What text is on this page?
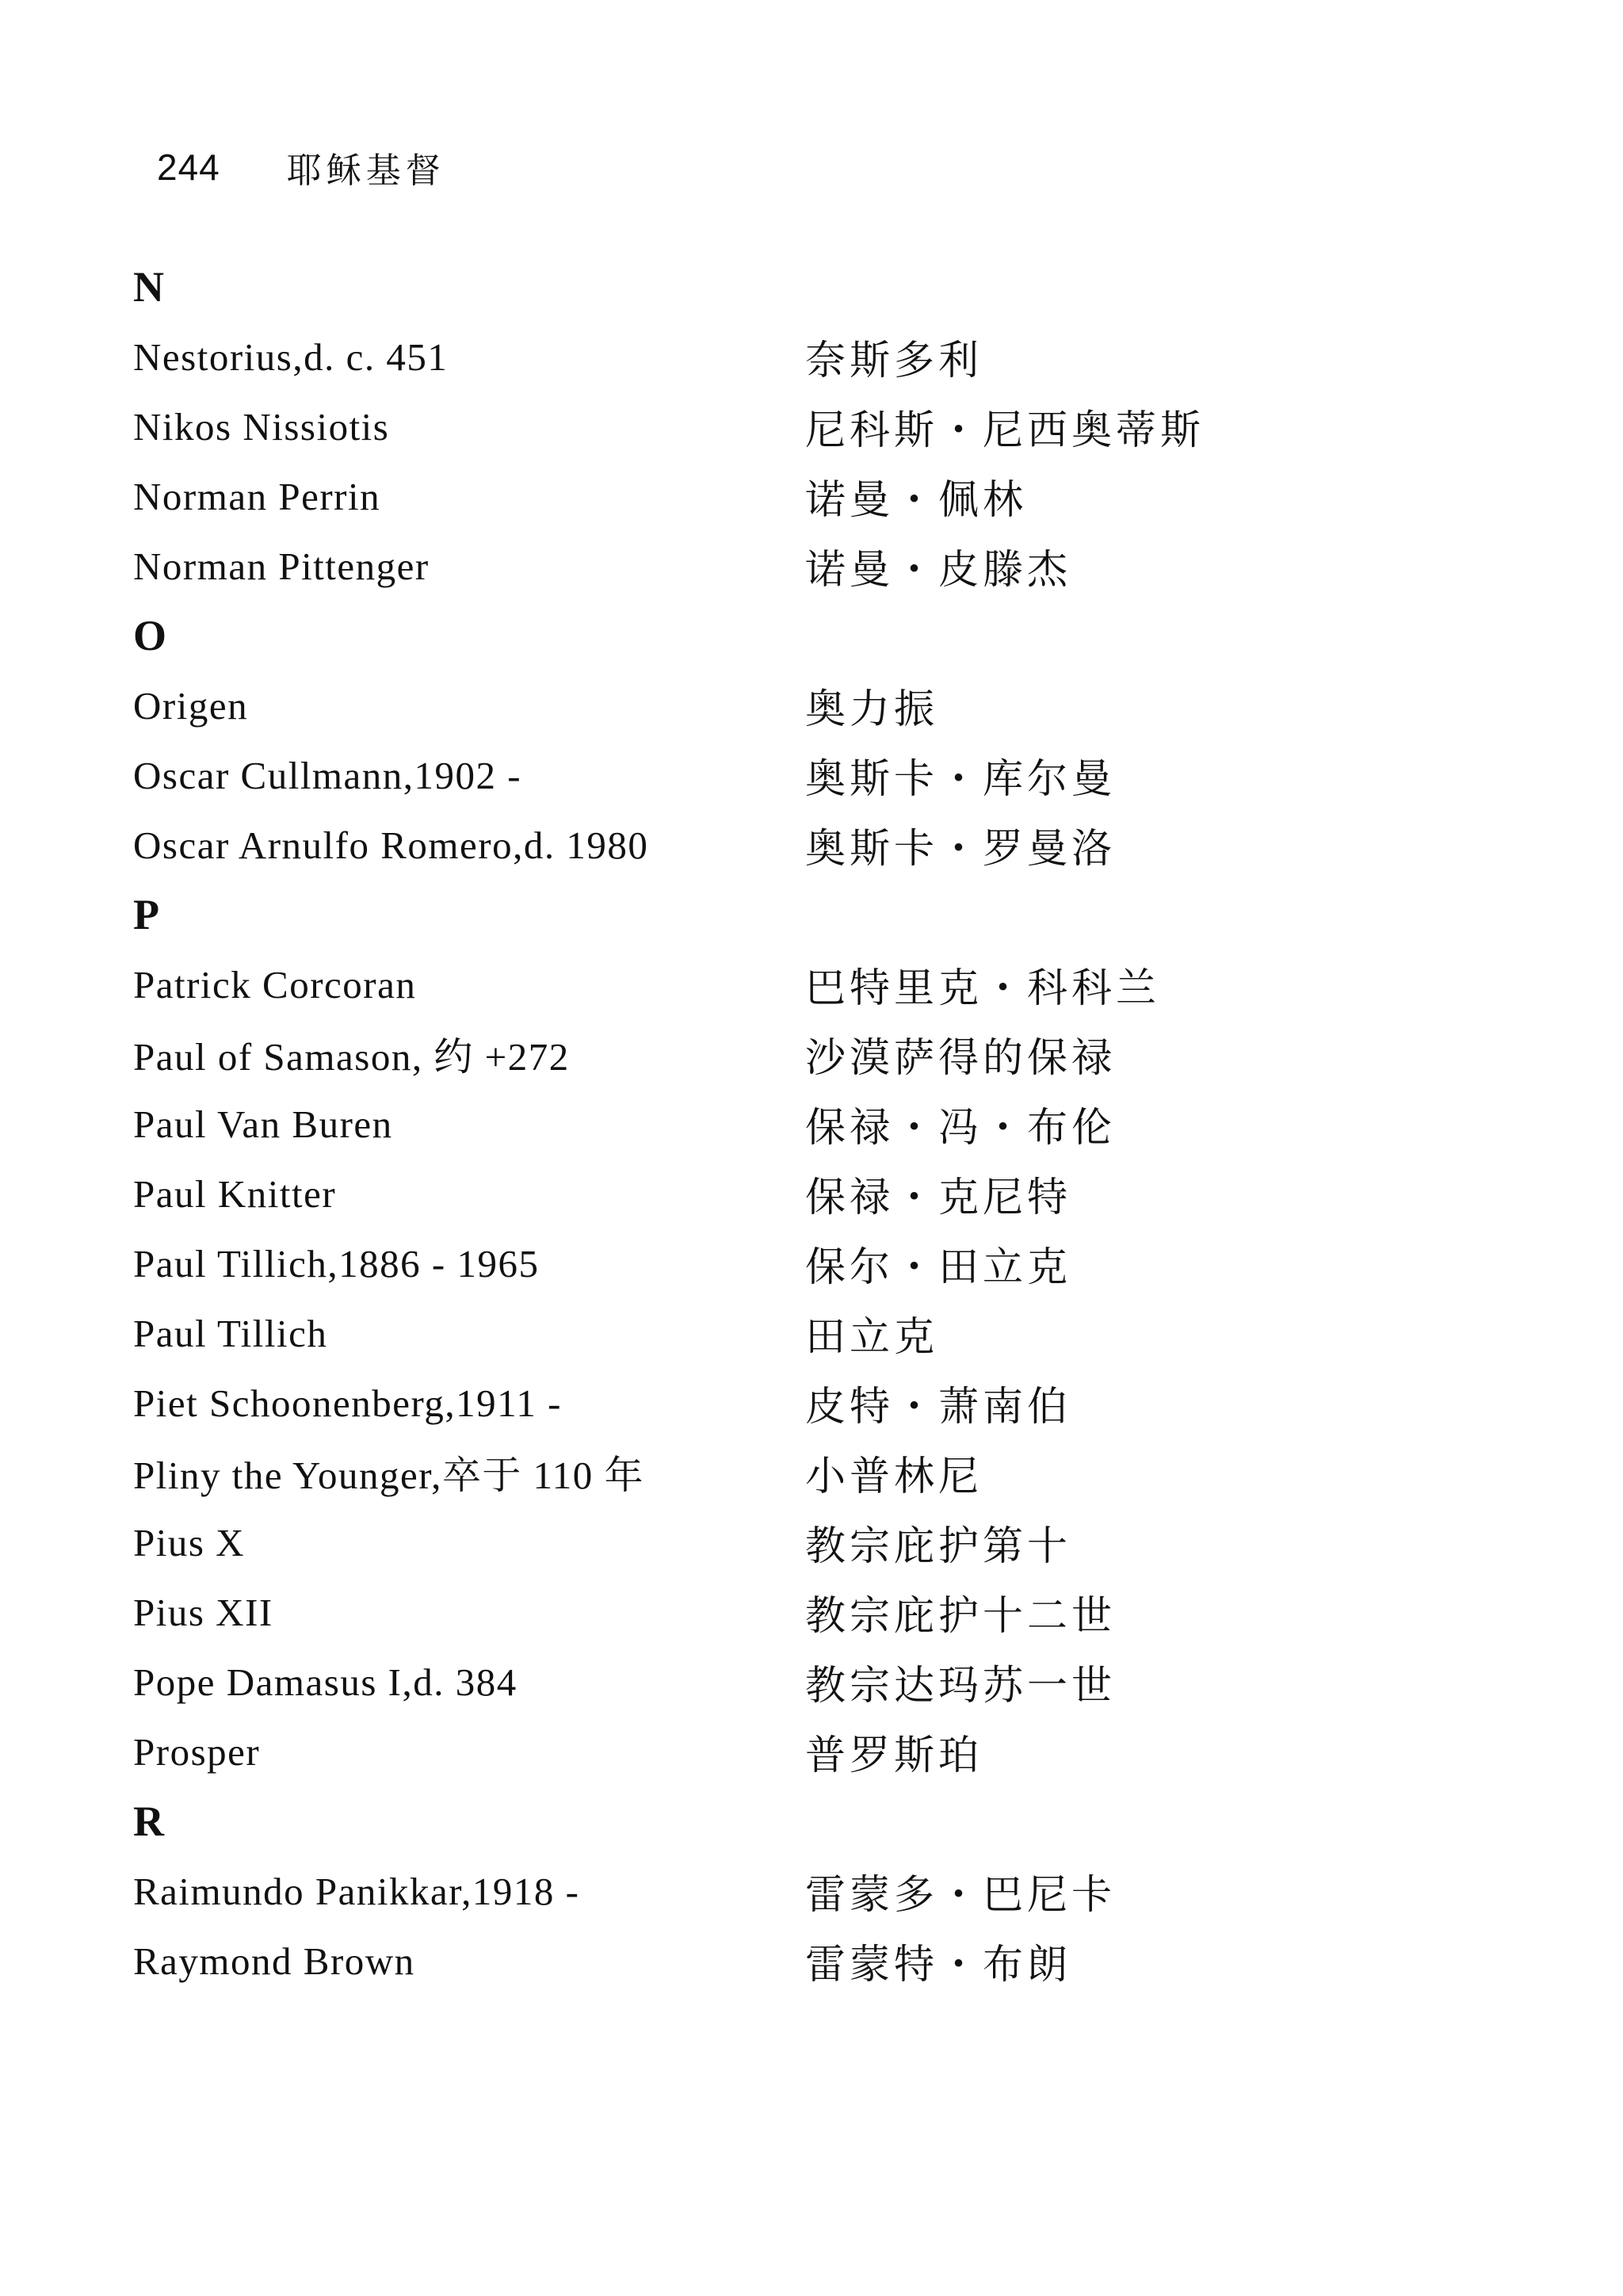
244 耶稣基督
N
Nestorius,d. c. 451	奈斯多利
Nikos Nissiotis	尼科斯・尼西奥蒂斯
Norman Perrin	诺曼・佩林
Norman Pittenger	诺曼・皮滕杰
O
Origen	奥力振
Oscar Cullmann,1902 -	奥斯卡・库尔曼
Oscar Arnulfo Romero,d. 1980	奥斯卡・罗曼洛
P
Patrick Corcoran	巴特里克・科科兰
Paul of Samason, 约 +272	沙漠萨得的保禄
Paul Van Buren	保禄・冯・布伦
Paul Knitter	保禄・克尼特
Paul Tillich,1886 - 1965	保尔・田立克
Paul Tillich	田立克
Piet Schoonenberg,1911 -	皮特・萧南伯
Pliny the Younger,卒于 110 年	小普林尼
Pius X	教宗庇护第十
Pius XII	教宗庇护十二世
Pope Damasus I,d. 384	教宗达玛苏一世
Prosper	普罗斯珀
R
Raimundo Panikkar,1918 -	雷蒙多・巴尼卡
Raymond Brown	雷蒙特・布朗
